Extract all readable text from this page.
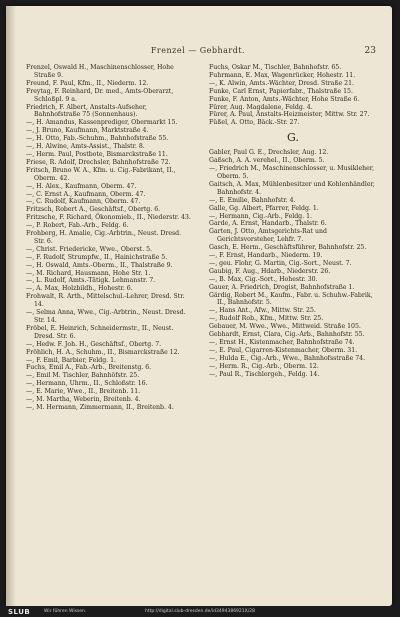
Frenzel — Gebhardt.	23
Frenzel, Oswald H., Maschinenschlosser, Hohe Straße 9.
Freund, F. Paul, Kfm., II., Niederm. 12.
Freytag, F. Reinhard, Dr. med., Amts-Oberarzt, Schloßpl. 9 a.
Friedrich, F. Albert, Anstalts-Aufseher, Bahnhofstraße 75 (Sonnenhaus).
—, H. Amandus, Kassenprediger, Obermarkt 15.
—, J. Bruno, Kaufmann, Marktstraße 4.
—, H. Otto, Fab.-Schuhm., Bahnhofstraße 55.
—, H. Alwine, Amts-Assist., Thalstr. 8.
—, Herm. Paul, Postbote, Bismarckstraße 11.
Friese, R. Adolf, Drechsler, Bahnhofstraße 72.
Fritsch, Bruno W. A., Kfm. u. Cig.-Fabrikant, II., Oberm. 42.
—, H. Alex., Kaufmann, Oberm. 47.
—, C. Ernst A., Kaufmann, Oberm. 47.
—, C. Rudolf, Kaufmann, Oberm. 47.
Fritzsch, Robert A., Geschäftsf., Obertg. 6.
Fritzsche, F. Richard, Ökonomieb., II., Niederstr. 43.
—, P. Robert, Fab.-Arb., Feldg. 6.
Frohberg, H. Amalie, Cig.-Arbtrin., Neust. Dresd. Str. 6.
—, Christ. Friedericke, Wwe., Oberst. 5.
—, F. Rudolf, Strumpfw., II., Hainichstraße 5.
—, H. Oswald, Amts.-Oberm., II., Thalstraße 9.
—, M. Richard, Hausmann, Hohe Str. 1.
—, L. Rudolf, Amts.-Tätigk. Lehmanstr. 7.
—, A. Max, Holzbildh., Hohestr. 6.
Frohwalt, R. Arth., Mittelschul.-Lehrer, Dresd. Str. 14.
—, Selma Anna, Wwe., Cig.-Arbtrin., Neust. Dresd. Str. 14.
Fröbel, E. Heinrich, Schneidermstr., II., Neust. Dresd. Str. 6.
—, Hedw. F. Joh. H., Geschäftsf., Obertg. 7.
Fröhlich, H. A., Schuhm., II., Bismarckstraße 12.
—, F. Emil, Barbier, Feldg. 1.
Fuchs, Emil A., Fab.-Arb., Breitenstg. 6.
—, Emil M. Tischler, Bahnhöfstr. 25.
—, Hermann, Uhrm., II., Schloßstr. 16.
—, E. Marie, Wwe., II., Breitenb. 11.
—, M. Martha, Weberin, Breitenb. 4.
—, M. Hermann, Zimmermann, II., Breitenb. 4.
Fuchs, Oskar M., Tischler, Bahnhofstr. 65.
Fuhrmann, E. Max, Wagenrücker, Hohestr. 11.
—, K. Alwin, Amts.-Wächter, Dresd. Straße 21.
Funke, Carl Ernst, Papierfabr., Thalstraße 15.
Funke, F. Anton, Amts.-Wächter, Hohe Straße 6.
Fürer, Aug. Magdalene, Feldg. 4.
Fürer, A. Paul, Anstalts-Heizmeister, Mittw. Str. 27.
Füßel, A. Otto, Bäck.-Str. 27.
G.
Gabler, Paul G. E., Drechsler, Aug. 12.
Gaßsch, A. A. verehel., II., Oberm. 5.
—, Friedrich M., Maschinenschlosser, u. Musikleher, Oberm. 5.
Gaitsch, A. Max, Mühlenbesitzer und Kohlenhändler, Bahnhofstr. 4.
—, E. Emilie, Bahnhofstr. 4.
Galle, Gg. Albert, Pfarrer, Feldg. 1.
—, Hermann, Cig.-Arb., Feldg. 1.
Garde, A. Ernst, Handarb., Thalstr. 6.
Garten, J. Otto, Amtsgerichts-Rat und Gerichtsvorsteher, Lehfr. 7.
Gasch, E. Herm., Geschäftsführer, Bahnhofstr. 25.
—, F. Ernst, Handarb., Niederm. 19.
—, geu. Flohr, G. Martin, Cig.-Sort., Neust. 7.
Gaubig, F. Aug., Hdarb., Niederstr. 26.
—, B. Max, Cig.-Sort., Hohestr. 30.
Gauer, A. Friedrich, Drogist, Bahnhofstraße 1.
Gärdig, Robert M., Kaufm., Fabr. u. Schuhw.-Fabrik, II., Bahnhofstr. 5.
—, Hans Ant., Afw., Mittw. Str. 25.
—, Rudolf Rob., Kfm., Mittw. Str. 25.
Gebauer, M. Wwe., Wwe., Mittweid. Straße 105.
Gebhardt, Ernst, Clara, Cig.-Arb., Bahnhofstr. 55.
—, Ernst H., Kistenmacher, Bahnhofstraße 74.
—, E. Paul, Cigarren-Kistenmacher, Oberm. 31.
—, Hulda E., Cig.-Arb., Wwe., Bahnhofsstraße 74.
—, Herm. R., Cig.-Arb., Oberm. 12.
—, Paul R., Tischlergeh., Feldg. 14.
SLUB	Wir führen Wissen.	http://digital.slub-dresden.de/id3494386921X/28
